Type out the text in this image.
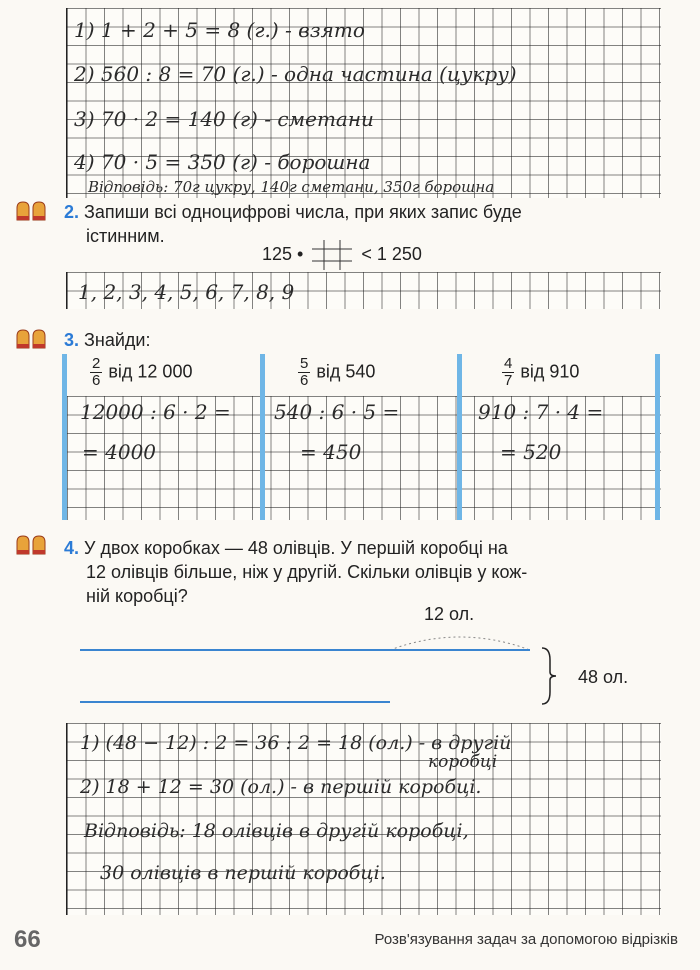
1) 1 + 2 + 5 = 8 (г.) - взято
2) 560 : 8 = 70 (г.) - одна частина (цукру)
3) 70 · 2 = 140 (г) - сметани
4) 70 · 5 = 350 (г) - борошна
Відповідь: 70г цукру, 140г сметани, 350г борошна
2. Запиши всі одноцифрові числа, при яких запис буде
істинним.
125 •	< 1 250
1, 2, 3, 4, 5, 6, 7, 8, 9
3. Знайди:
$\frac{2}{6}$ від 12 000	$\frac{5}{6}$ від 540	$\frac{4}{7}$ від 910
12000 : 6 · 2 =
= 4000
540 : 6 · 5 =
= 450
910 : 7 · 4 =
= 520
4. У двох коробках — 48 олівців. У першій коробці на
12 олівців більше, ніж у другій. Скільки олівців у кож-
ній коробці?
12 ол.
48 ол.
1) (48 − 12) : 2 = 36 : 2 = 18 (ол.) - в другій
коробці
2) 18 + 12 = 30 (ол.) - в першій коробці.
Відповідь: 18 олівців в другій коробці,
30 олівців в першій коробці.
66	Розв'язування задач за допомогою відрізків
